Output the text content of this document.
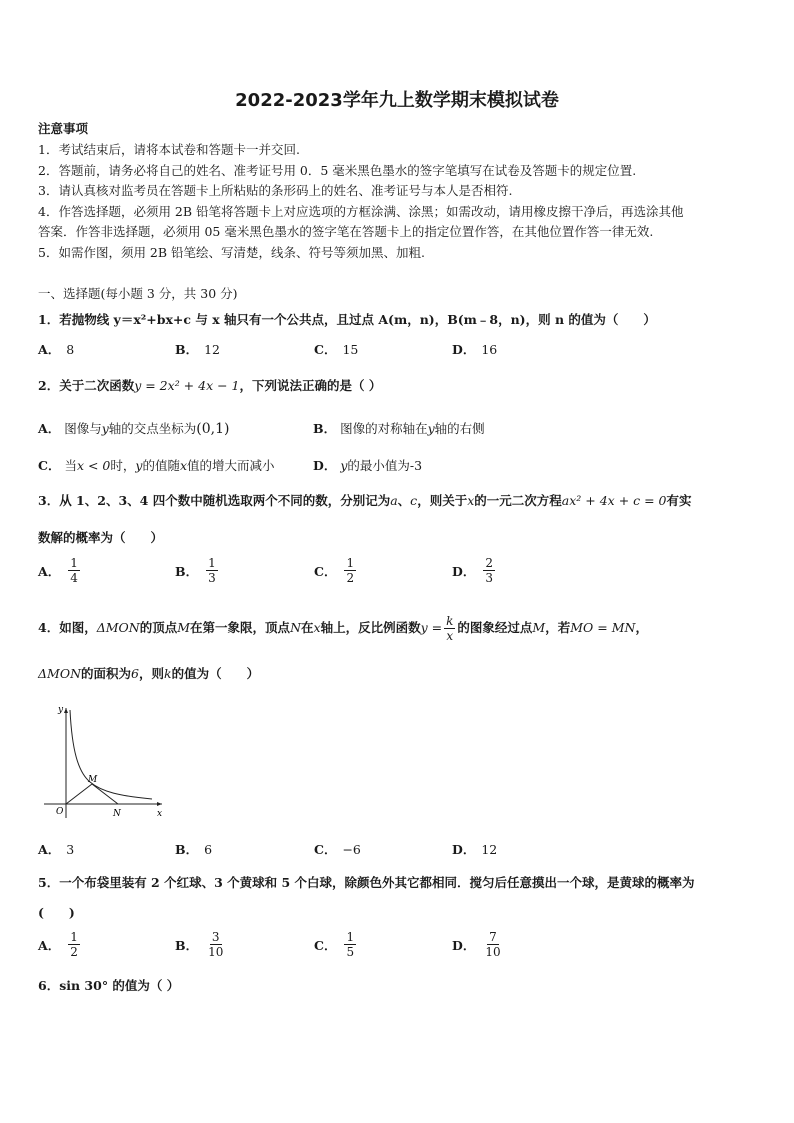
2022-2023学年九上数学期末模拟试卷
注意事项
1．考试结束后，请将本试卷和答题卡一并交回.
2．答题前，请务必将自己的姓名、准考证号用 0．5 毫米黑色墨水的签字笔填写在试卷及答题卡的规定位置.
3．请认真核对监考员在答题卡上所粘贴的条形码上的姓名、准考证号与本人是否相符.
4．作答选择题，必须用 2B 铅笔将答题卡上对应选项的方框涂满、涂黑；如需改动，请用橡皮擦干净后，再选涂其他
答案．作答非选择题，必须用 05 毫米黑色墨水的签字笔在答题卡上的指定位置作答，在其他位置作答一律无效.
5．如需作图，须用 2B 铅笔绘、写清楚，线条、符号等须加黑、加粗.
一、选择题(每小题 3 分，共 30 分)
1．若抛物线 y＝x²+bx+c 与 x 轴只有一个公共点，且过点 A(m，n)，B(m﹣8，n)，则 n 的值为（　　）
A． 8	B． 12	C． 15	D． 16
2．关于二次函数y = 2x² + 4x − 1，下列说法正确的是（ ）
A． 图像与y轴的交点坐标为(0,1)	B． 图像的对称轴在y轴的右侧
C． 当x < 0时，y的值随x值的增大而减小	D． y的最小值为-3
3．从 1、2、3、4 四个数中随机选取两个不同的数，分别记为a、c，则关于x的一元二次方程ax² + 4x + c = 0有实
数解的概率为（　　）
A． $\frac{1}{4}$	B． $\frac{1}{3}$	C． $\frac{1}{2}$	D． $\frac{2}{3}$
4．如图， ΔMON 的顶点 M 在第一象限，顶点 N 在 x 轴上，反比例函数 $y = \frac{k}{x}$ 的图象经过点 M ，若 MO = MN ，
ΔMON的面积为6，则k的值为（　　）
y
x
O
M
N
A． 3	B． 6	C． −6	D． 12
5．一个布袋里装有 2 个红球、3 个黄球和 5 个白球，除颜色外其它都相同．搅匀后任意摸出一个球，是黄球的概率为
(　　)
A． $\frac{1}{2}$	B． $\frac{3}{10}$	C． $\frac{1}{5}$	D． $\frac{7}{10}$
6．sin 30° 的值为（ ）
